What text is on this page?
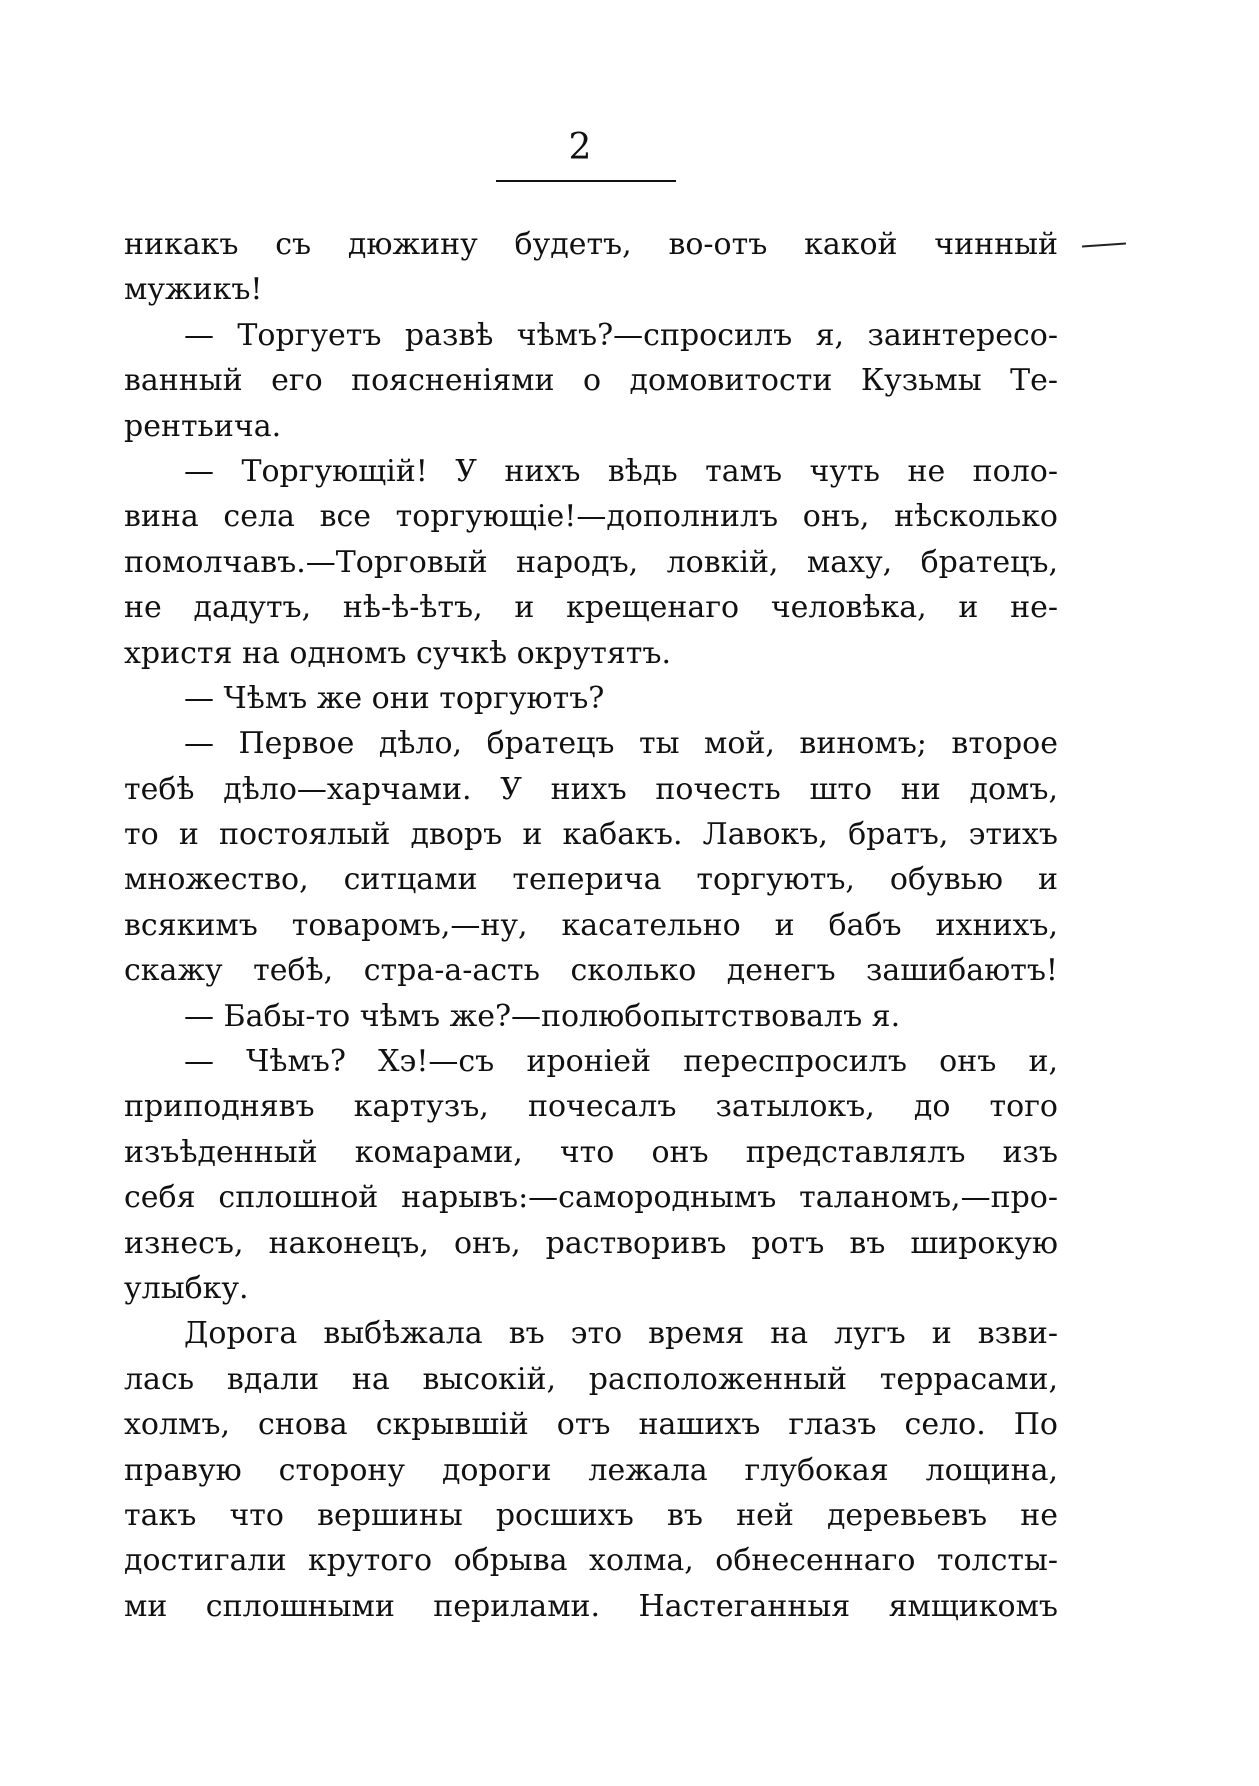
2
никакъ съ дюжину будетъ, во-отъ какой чинный
мужикъ!
— Торгуетъ развѣ чѣмъ?—спросилъ я, заинтересо-
ванный его поясненіями о домовитости Кузьмы Те-
рентьича.
— Торгующій! У нихъ вѣдь тамъ чуть не поло-
вина села все торгующіе!—дополнилъ онъ, нѣсколько
помолчавъ.—Торговый народъ, ловкій, маху, братецъ,
не дадутъ, нѣ-ѣ-ѣтъ, и крещенаго человѣка, и не-
христя на одномъ сучкѣ окрутятъ.
— Чѣмъ же они торгуютъ?
— Первое дѣло, братецъ ты мой, виномъ; второе
тебѣ дѣло—харчами. У нихъ почесть што ни домъ,
то и постоялый дворъ и кабакъ. Лавокъ, братъ, этихъ
множество, ситцами теперича торгуютъ, обувью и
всякимъ товаромъ,—ну, касательно и бабъ ихнихъ,
скажу тебѣ, стра-а-асть сколько денегъ зашибаютъ!
— Бабы-то чѣмъ же?—полюбопытствовалъ я.
— Чѣмъ? Хэ!—съ ироніей переспросилъ онъ и,
приподнявъ картузъ, почесалъ затылокъ, до того
изъѣденный комарами, что онъ представлялъ изъ
себя сплошной нарывъ:—самороднымъ таланомъ,—про-
изнесъ, наконецъ, онъ, растворивъ ротъ въ широкую
улыбку.
Дорога выбѣжала въ это время на лугъ и взви-
лась вдали на высокій, расположенный террасами,
холмъ, снова скрывшій отъ нашихъ глазъ село. По
правую сторону дороги лежала глубокая лощина,
такъ что вершины росшихъ въ ней деревьевъ не
достигали крутого обрыва холма, обнесеннаго толсты-
ми сплошными перилами. Настеганныя ямщикомъ
